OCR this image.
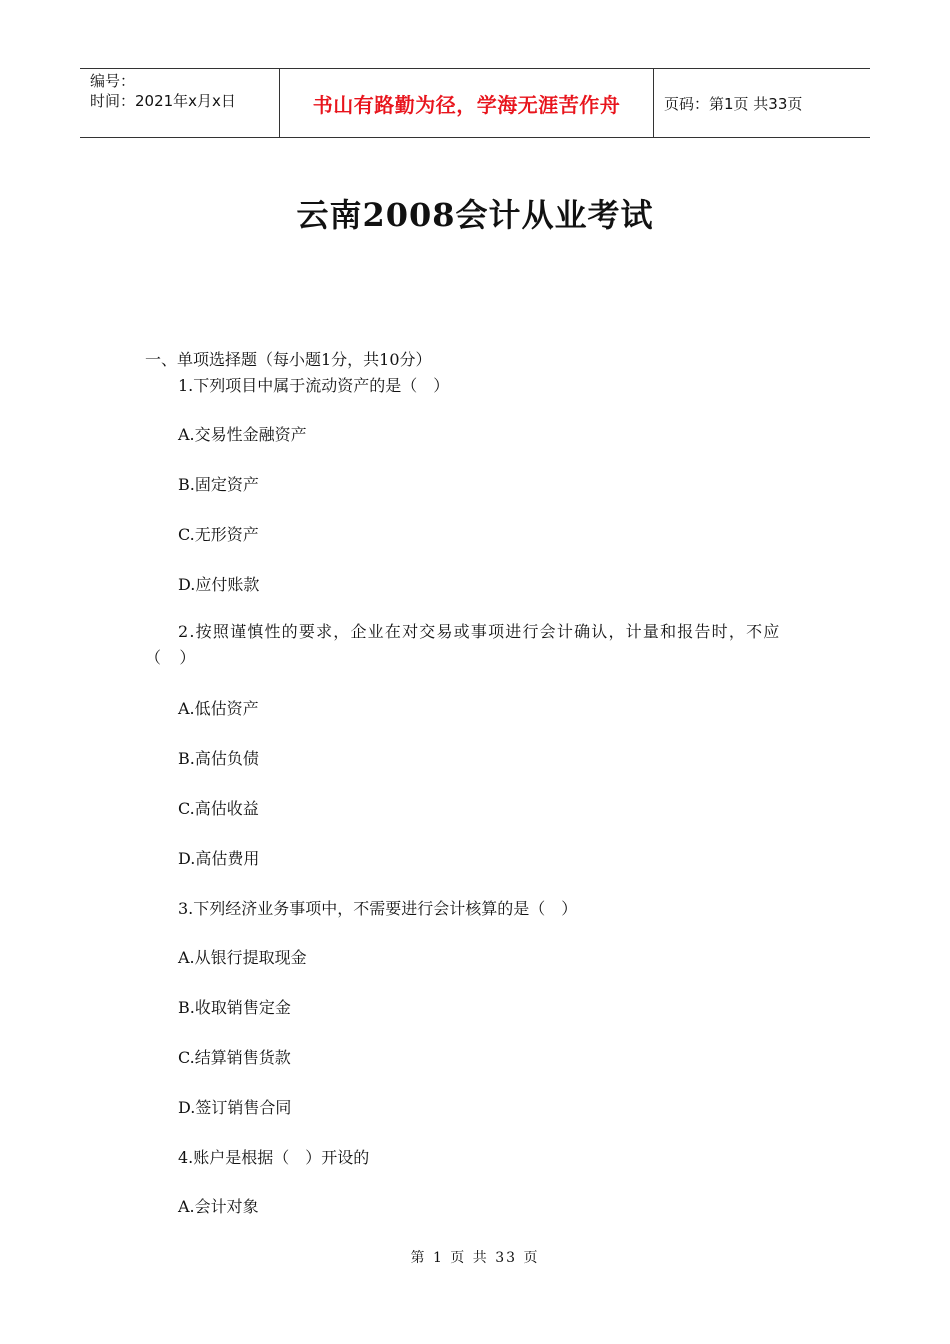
编号：
时间：2021年x月x日	书山有路勤为径，学海无涯苦作舟	页码：第1页 共33页
云南2008会计从业考试
一、单项选择题（每小题1分，共10分）
1.下列项目中属于流动资产的是（　）
A.交易性金融资产
B.固定资产
C.无形资产
D.应付账款
2.按照谨慎性的要求，企业在对交易或事项进行会计确认，计量和报告时，不应（　）
A.低估资产
B.高估负债
C.高估收益
D.高估费用
3.下列经济业务事项中，不需要进行会计核算的是（　）
A.从银行提取现金
B.收取销售定金
C.结算销售货款
D.签订销售合同
4.账户是根据（　）开设的
A.会计对象
第 1 页 共 33 页
